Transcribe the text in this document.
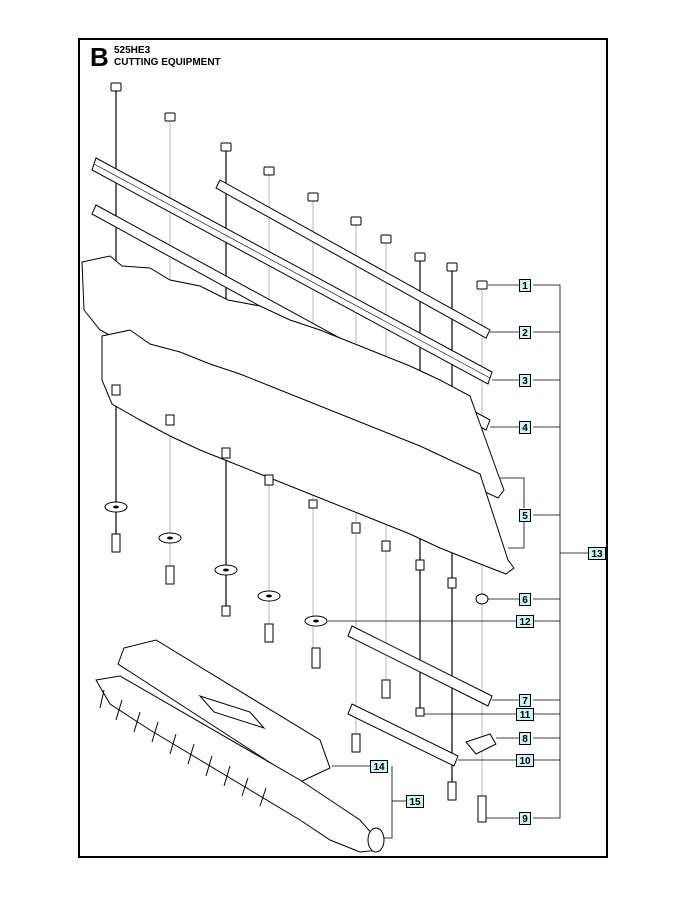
B 525HE3
CUTTING EQUIPMENT
1
2
3
4
5
6
7
8
9
10
11
12
13
14
15
